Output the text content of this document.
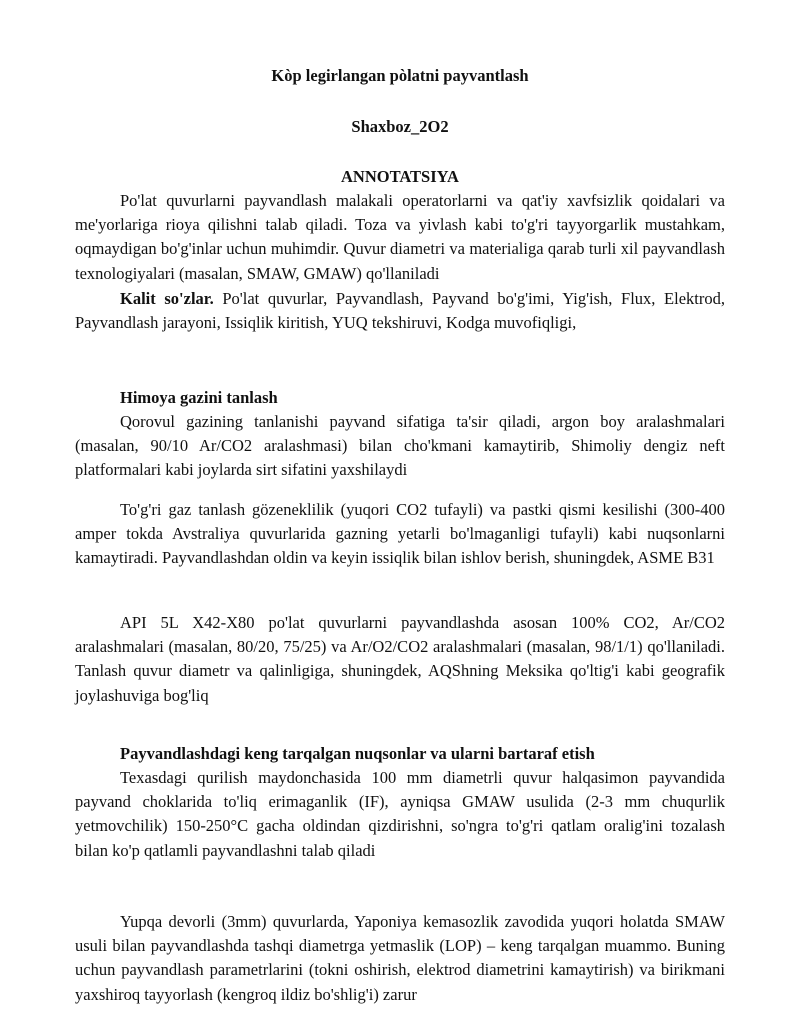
Kòp legirlangan pòlatni payvantlash
Shaxboz_2O2
ANNOTATSIYA

Po'lat quvurlarni payvandlash malakali operatorlarni va qat'iy xavfsizlik qoidalari va me'yorlariga rioya qilishni talab qiladi. Toza va yivlash kabi to'g'ri tayyorgarlik mustahkam, oqmaydigan bo'g'inlar uchun muhimdir. Quvur diametri va materialiga qarab turli xil payvandlash texnologiyalari (masalan, SMAW, GMAW) qo'llaniladi

Kalit so'zlar. Po'lat quvurlar, Payvandlash, Payvand bo'g'imi, Yig'ish, Flux, Elektrod, Payvandlash jarayoni, Issiqlik kiritish, YUQ tekshiruvi, Kodga muvofiqligi,

Himoya gazini tanlash

Qorovul gazining tanlanishi payvand sifatiga ta'sir qiladi, argon boy aralashmalari (masalan, 90/10 Ar/CO2 aralashmasi) bilan cho'kmani kamaytirib, Shimoliy dengiz neft platformalari kabi joylarda sirt sifatini yaxshilaydi

To'g'ri gaz tanlash gözeneklilik (yuqori CO2 tufayli) va pastki qismi kesilishi (300-400 amper tokda Avstraliya quvurlarida gazning yetarli bo'lmaganligi tufayli) kabi nuqsonlarni kamaytiradi. Payvandlashdan oldin va keyin issiqlik bilan ishlov berish, shuningdek, ASME B31

API 5L X42-X80 po'lat quvurlarni payvandlashda asosan 100% CO2, Ar/CO2 aralashmalari (masalan, 80/20, 75/25) va Ar/O2/CO2 aralashmalari (masalan, 98/1/1) qo'llaniladi. Tanlash quvur diametr va qalinligiga, shuningdek, AQShning Meksika qo'ltig'i kabi geografik joylashuviga bog'liq

Payvandlashdagi keng tarqalgan nuqsonlar va ularni bartaraf etish

Texasdagi qurilish maydonchasida 100 mm diametrli quvur halqasimon payvandida payvand choklarida to'liq erimaganlik (IF), ayniqsa GMAW usulida (2-3 mm chuqurlik yetmovchilik) 150-250°C gacha oldindan qizdirishni, so'ngra to'g'ri qatlam oralig'ini tozalash bilan ko'p qatlamli payvandlashni talab qiladi

Yupqa devorli (3mm) quvurlarda, Yaponiya kemasozlik zavodida yuqori holatda SMAW usuli bilan payvandlashda tashqi diametrga yetmaslik (LOP) – keng tarqalgan muammo. Buning uchun payvandlash parametrlarini (tokni oshirish, elektrod diametrini kamaytirish) va birikmani yaxshiroq tayyorlash (kengroq ildiz bo'shlig'i) zarur
